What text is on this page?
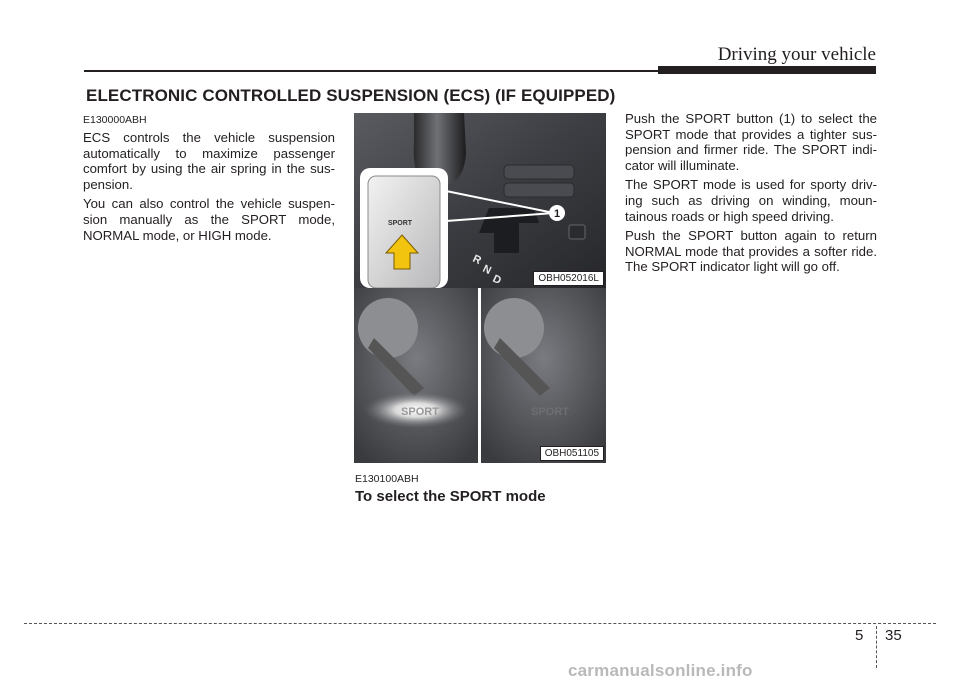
Driving your vehicle
ELECTRONIC CONTROLLED SUSPENSION (ECS) (IF EQUIPPED)
E130000ABH

ECS controls the vehicle suspension automatically to maximize passenger comfort by using the air spring in the sus-pension.

You can also control the vehicle suspen-sion manually as the SPORT mode, NORMAL mode, or HIGH mode.

R
N
D
1
SPORT
OBH052016L
SPORT	SPORT
OBH051105
E130100ABH
To select the SPORT mode

Push the SPORT button (1) to select the SPORT mode that provides a tighter sus-pension and firmer ride. The SPORT indi-cator will illuminate.

The SPORT mode is used for sporty driv-ing such as driving on winding, moun-tainous roads or high speed driving.

Push the SPORT button again to return NORMAL mode that provides a softer ride. The SPORT indicator light will go off.

5 35
carmanualsonline.info
